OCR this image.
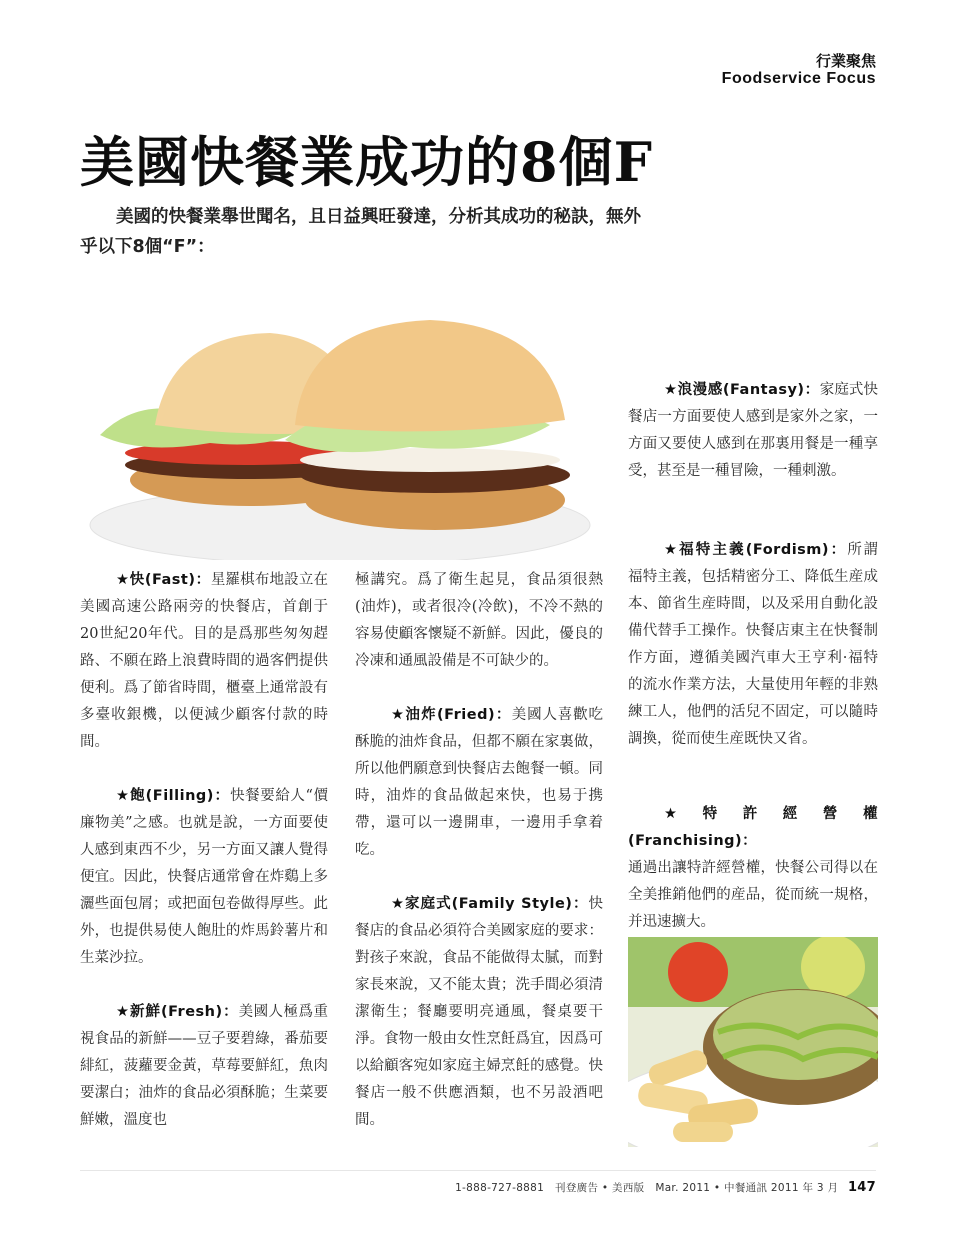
行業聚焦
Foodservice Focus
美國快餐業成功的8個F
美國的快餐業舉世聞名，且日益興旺發達，分析其成功的秘訣，無外乎以下8個“F”：

★快(Fast)：星羅棋布地設立在美國高速公路兩旁的快餐店，首創于20世紀20年代。目的是爲那些匆匆趕路、不願在路上浪費時間的過客們提供便利。爲了節省時間，櫃臺上通常設有多臺收銀機，以便減少顧客付款的時間。

★飽(Filling)：快餐要給人“價廉物美”之感。也就是說，一方面要使人感到東西不少，另一方面又讓人覺得便宜。因此，快餐店通常會在炸鷄上多灑些面包屑；或把面包卷做得厚些。此外，也提供易使人飽肚的炸馬鈴薯片和生菜沙拉。

★新鮮(Fresh)：美國人極爲重視食品的新鮮——豆子要碧綠，番茄要緋紅，菠蘿要金黃，草莓要鮮紅，魚肉要潔白；油炸的食品必須酥脆；生菜要鮮嫩，溫度也

極講究。爲了衛生起見，食品須很熱(油炸)，或者很冷(冷飲)，不冷不熱的容易使顧客懷疑不新鮮。因此，優良的冷凍和通風設備是不可缺少的。

★油炸(Fried)：美國人喜歡吃酥脆的油炸食品，但都不願在家裏做，所以他們願意到快餐店去飽餐一頓。同時，油炸的食品做起來快，也易于携帶，還可以一邊開車，一邊用手拿着吃。

★家庭式(Family Style)：快餐店的食品必須符合美國家庭的要求：對孩子來說，食品不能做得太膩，而對家長來說，又不能太貴；洗手間必須清潔衛生；餐廳要明亮通風，餐桌要干淨。食物一般由女性烹飪爲宜，因爲可以給顧客宛如家庭主婦烹飪的感覺。快餐店一般不供應酒類，也不另設酒吧間。

★浪漫感(Fantasy)：家庭式快餐店一方面要使人感到是家外之家，一方面又要使人感到在那裏用餐是一種享受，甚至是一種冒險，一種刺激。

★福特主義(Fordism)：所謂福特主義，包括精密分工、降低生産成本、節省生産時間，以及采用自動化設備代替手工操作。快餐店東主在快餐制作方面，遵循美國汽車大王亨利·福特的流水作業方法，大量使用年輕的非熟練工人，他們的活兒不固定，可以隨時調換，從而使生産既快又省。

★特許經營權(Franchising)：
通過出讓特許經營權，快餐公司得以在全美推銷他們的産品，從而統一規格，并迅速擴大。

1-888-727-8881 刊登廣告 • 美西版 Mar. 2011 • 中餐通訊 2011 年 3 月 147
